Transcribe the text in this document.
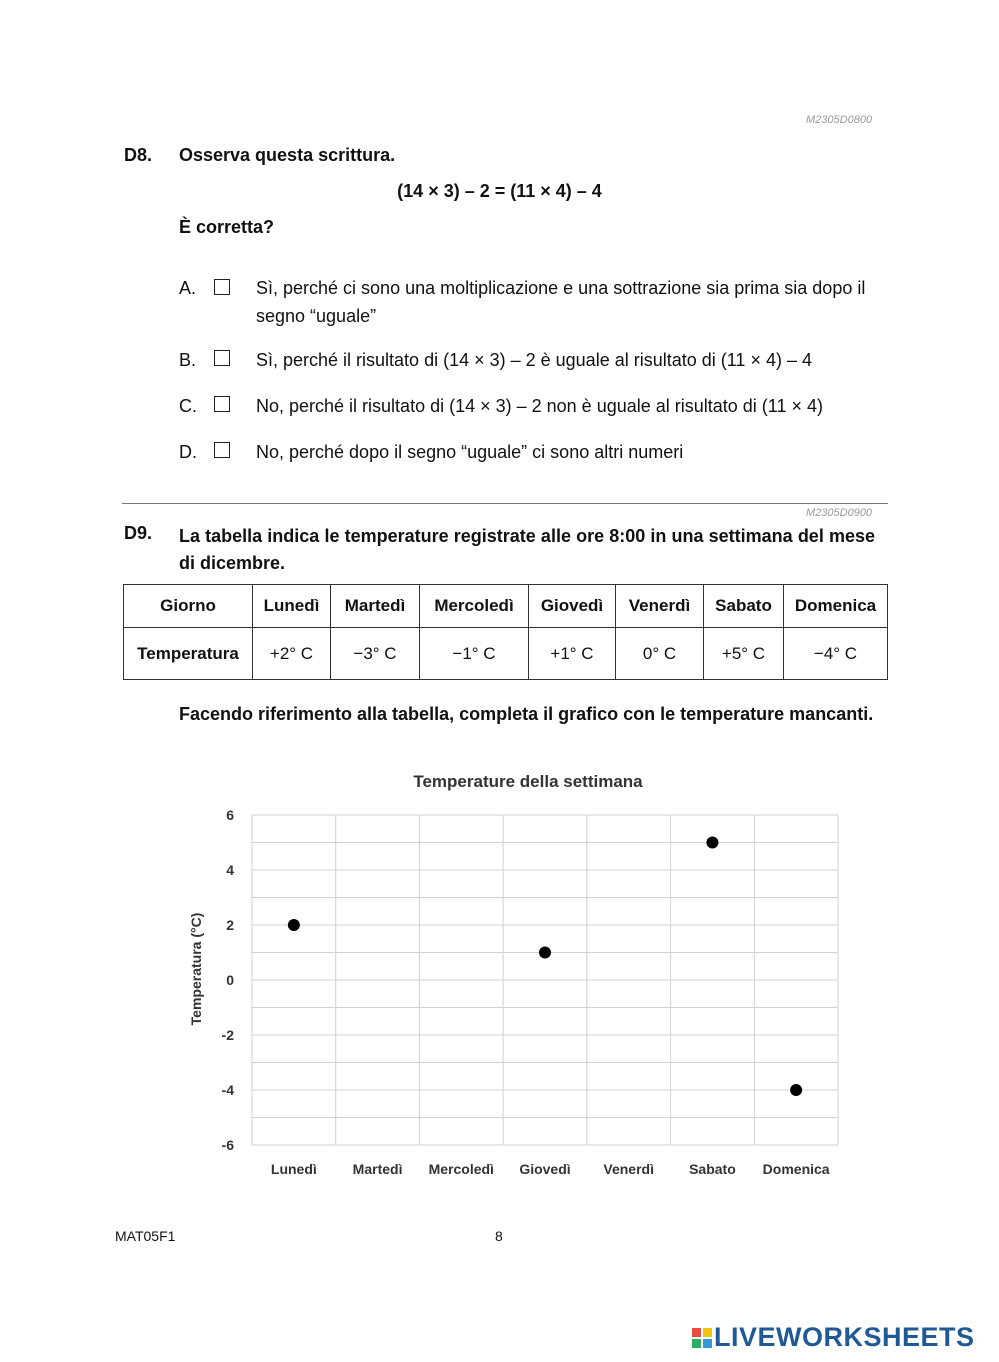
M2305D0800
D8. Osserva questa scrittura.
(14 × 3) – 2 = (11 × 4) – 4
È corretta?
A.	Sì, perché ci sono una moltiplicazione e una sottrazione sia prima sia dopo il segno “uguale”
B.	Sì, perché il risultato di (14 × 3) – 2 è uguale al risultato di (11 × 4) – 4
C.	No, perché il risultato di (14 × 3) – 2 non è uguale al risultato di (11 × 4)
D.	No, perché dopo il segno “uguale” ci sono altri numeri
M2305D0900
D9. La tabella indica le temperature registrate alle ore 8:00 in una settimana del mese di dicembre.
Giorno	Lunedì	Martedì	Mercoledì	Giovedì	Venerdì	Sabato	Domenica
Temperatura	+2° C	−3° C	−1° C	+1° C	0° C	+5° C	−4° C
Facendo riferimento alla tabella, completa il grafico con le temperature mancanti.
Temperature della settimana
Temperatura (°C)
6
4
2
0
-2
-4
-6
Lunedì	Martedì Mercoledì Giovedì Venerdì	Sabato Domenica
MAT05F1	8
LIVEWORKSHEETS
